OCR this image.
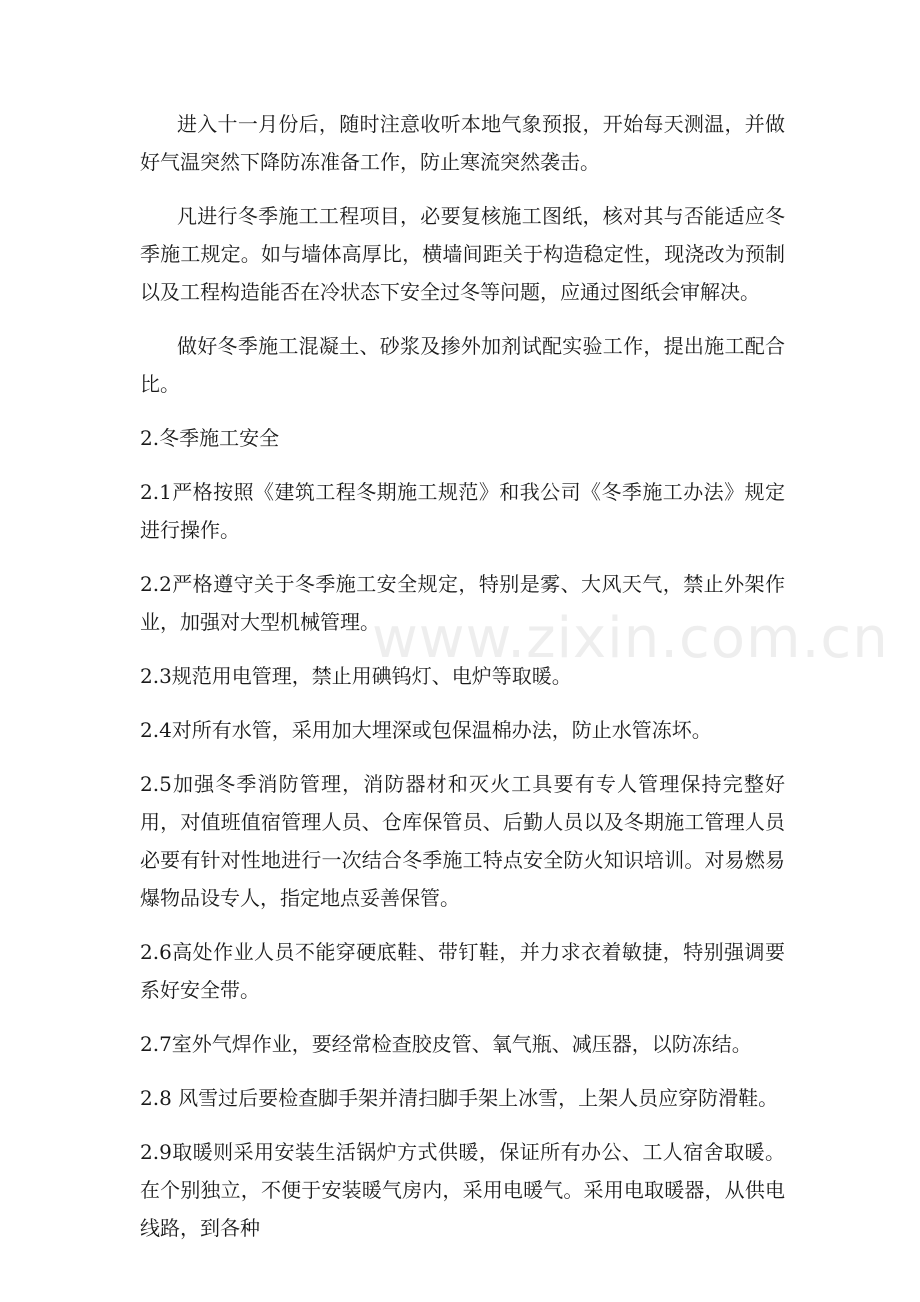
进入十一月份后，随时注意收听本地气象预报，开始每天测温，并做好气温突然下降防冻准备工作，防止寒流突然袭击。

凡进行冬季施工工程项目，必要复核施工图纸，核对其与否能适应冬季施工规定。如与墙体高厚比，横墙间距关于构造稳定性，现浇改为预制以及工程构造能否在冷状态下安全过冬等问题，应通过图纸会审解决。

做好冬季施工混凝土、砂浆及掺外加剂试配实验工作，提出施工配合比。

2.冬季施工安全

2.1严格按照《建筑工程冬期施工规范》和我公司《冬季施工办法》规定进行操作。

2.2严格遵守关于冬季施工安全规定，特别是雾、大风天气，禁止外架作业，加强对大型机械管理。

2.3规范用电管理，禁止用碘钨灯、电炉等取暖。

2.4对所有水管，采用加大埋深或包保温棉办法，防止水管冻坏。

2.5加强冬季消防管理，消防器材和灭火工具要有专人管理保持完整好用，对值班值宿管理人员、仓库保管员、后勤人员以及冬期施工管理人员必要有针对性地进行一次结合冬季施工特点安全防火知识培训。对易燃易爆物品设专人，指定地点妥善保管。

2.6高处作业人员不能穿硬底鞋、带钉鞋，并力求衣着敏捷，特别强调要系好安全带。

2.7室外气焊作业，要经常检查胶皮管、氧气瓶、减压器，以防冻结。

2.8 风雪过后要检查脚手架并清扫脚手架上冰雪，上架人员应穿防滑鞋。

2.9取暖则采用安装生活锅炉方式供暖，保证所有办公、工人宿舍取暖。在个别独立，不便于安装暖气房内，采用电暖气。采用电取暖器，从供电线路，到各种

www.zixin.com.cn
